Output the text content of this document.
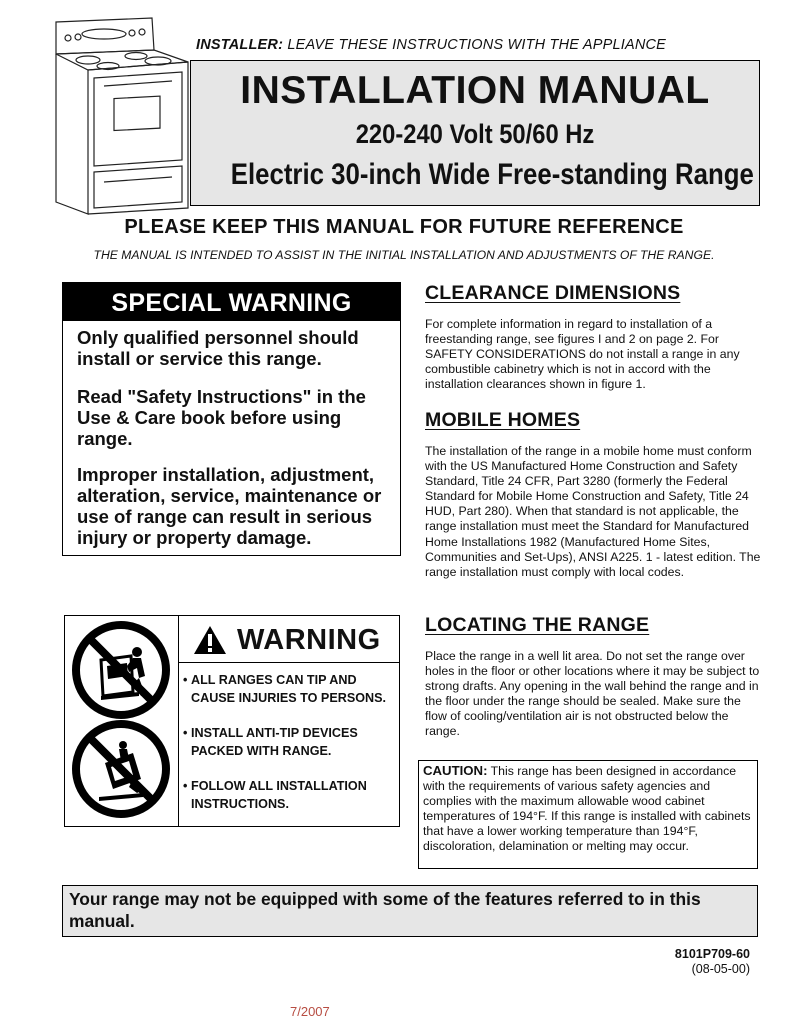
INSTALLER: LEAVE THESE INSTRUCTIONS WITH THE APPLIANCE
INSTALLATION MANUAL
220-240 Volt 50/60 Hz
Electric 30-inch Wide Free-standing Range
PLEASE KEEP THIS MANUAL FOR FUTURE REFERENCE
THE MANUAL IS INTENDED TO ASSIST IN THE INITIAL INSTALLATION AND ADJUSTMENTS OF THE RANGE.
SPECIAL WARNING
Only qualified personnel should install or service this range.
Read "Safety Instructions" in the Use & Care book before using range.
Improper installation, adjustment, alteration, service, maintenance or use of range can result in serious injury or property damage.
WARNING
• ALL RANGES CAN TIP AND CAUSE INJURIES TO PERSONS.
• INSTALL ANTI-TIP DEVICES PACKED WITH RANGE.
• FOLLOW ALL INSTALLATION INSTRUCTIONS.
CLEARANCE DIMENSIONS
For complete information in regard to installation of a freestanding range, see figures I and 2 on page 2. For SAFETY CONSIDERATIONS do not install a range in any combustible cabinetry which is not in accord with the installation clearances shown in figure 1.
MOBILE HOMES
The installation of the range in a mobile home must conform with the US Manufactured Home Construction and Safety Standard, Title 24 CFR, Part 3280 (formerly the Federal Standard for Mobile Home Construction and Safety, Title 24 HUD, Part 280). When that standard is not applicable, the range installation must meet the Standard for Manufactured Home Installations 1982 (Manufactured Home Sites, Communities and Set-Ups), ANSI A225. 1 - latest edition. The range installation must comply with local codes.
LOCATING THE RANGE
Place the range in a well lit area. Do not set the range over holes in the floor or other locations where it may be subject to strong drafts. Any opening in the wall behind the range and in the floor under the range should be sealed. Make sure the flow of cooling/ventilation air is not obstructed below the range.
CAUTION: This range has been designed in accordance with the requirements of various safety agencies and complies with the maximum allowable wood cabinet temperatures of 194°F. If this range is installed with cabinets that have a lower working temperature than 194°F, discoloration, delamination or melting may occur.
Your range may not be equipped with some of the features referred to in this manual.
8101P709-60
(08-05-00)
7/2007
